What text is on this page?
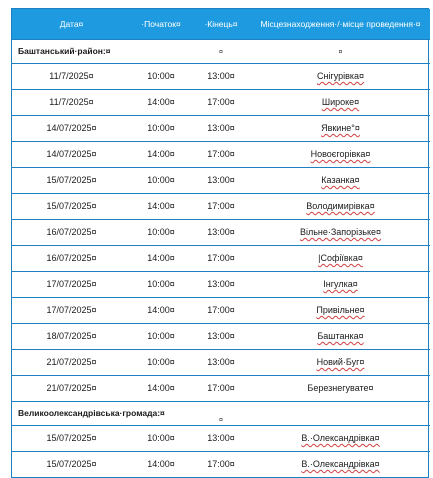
Дата¤	·Початок¤	·Кінець¤	Місцезнаходження·/·місце проведення·¤
Баштанський·район:¤		¤	¤
11/7/2025¤	10:00¤	13:00¤	Снігурівка¤
11/7/2025¤	14:00¤	17:00¤	Широке¤
14/07/2025¤	10:00¤	13:00¤	Явкине°¤
14/07/2025¤	14:00¤	17:00¤	Новоєгорівка¤
15/07/2025¤	10:00¤	13:00¤	Казанка¤
15/07/2025¤	14:00¤	17:00¤	Володимирівка¤
16/07/2025¤	10:00¤	13:00¤	Вільне·Запорізьке¤
16/07/2025¤	14:00¤	17:00¤	|Софіївка¤
17/07/2025¤	10:00¤	13:00¤	Інгулка¤
17/07/2025¤	14:00¤	17:00¤	Привільне¤
18/07/2025¤	10:00¤	13:00¤	Баштанка¤
21/07/2025¤	10:00¤	13:00¤	Новий·Буг¤
21/07/2025¤	14:00¤	17:00¤	Березнегувате¤
Великоолександрівська·громада:¤		¤	
15/07/2025¤	10:00¤	13:00¤	В.·Олександрівка¤
15/07/2025¤	14:00¤	17:00¤	В.·Олександрівка¤
